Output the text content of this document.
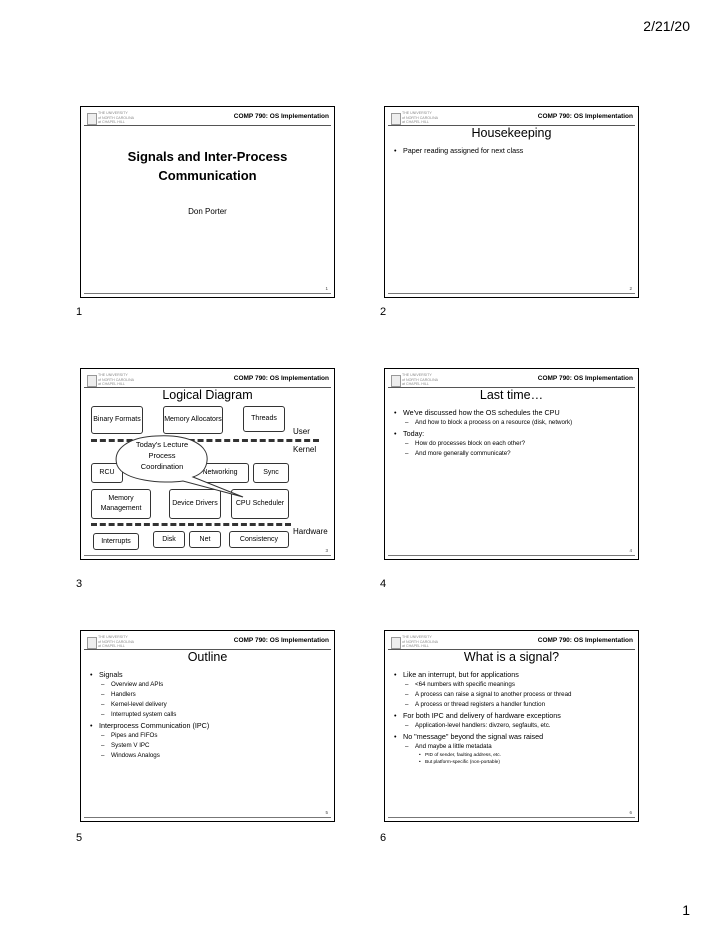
2/21/20
THE UNIVERSITY
of NORTH CAROLINA
at CHAPEL HILL
COMP 790: OS Implementation
Signals and Inter-Process
Communication
Don Porter
1
1
THE UNIVERSITY
of NORTH CAROLINA
at CHAPEL HILL
COMP 790: OS Implementation
Housekeeping
• Paper reading assigned for next class
2
2
THE UNIVERSITY
of NORTH CAROLINA
at CHAPEL HILL
COMP 790: OS Implementation
Logical Diagram
Binary Formats	Memory Allocators	Threads
User
Kernel
RCU	Networking	Sync
Memory Management
Device Drivers	CPU Scheduler
Hardware
Interrupts	Disk	Net	Consistency
Today's Lecture
Process
Coordination
3
3
THE UNIVERSITY
of NORTH CAROLINA
at CHAPEL HILL
COMP 790: OS Implementation
Last time…
• We've discussed how the OS schedules the CPU
– And how to block a process on a resource (disk, network)
• Today:
– How do processes block on each other?
– And more generally communicate?
4
4
THE UNIVERSITY
of NORTH CAROLINA
at CHAPEL HILL
COMP 790: OS Implementation
Outline
• Signals
– Overview and APIs
– Handlers
– Kernel-level delivery
– Interrupted system calls
• Interprocess Communication (IPC)
– Pipes and FIFOs
– System V IPC
– Windows Analogs
5
5
THE UNIVERSITY
of NORTH CAROLINA
at CHAPEL HILL
COMP 790: OS Implementation
What is a signal?
• Like an interrupt, but for applications
– <64 numbers with specific meanings
– A process can raise a signal to another process or thread
– A process or thread registers a handler function
• For both IPC and delivery of hardware exceptions
– Application-level handlers: divzero, segfaults, etc.
• No "message" beyond the signal was raised
– And maybe a little metadata
• PID of sender, faulting address, etc.
• But platform-specific (non-portable)
6
6
1
